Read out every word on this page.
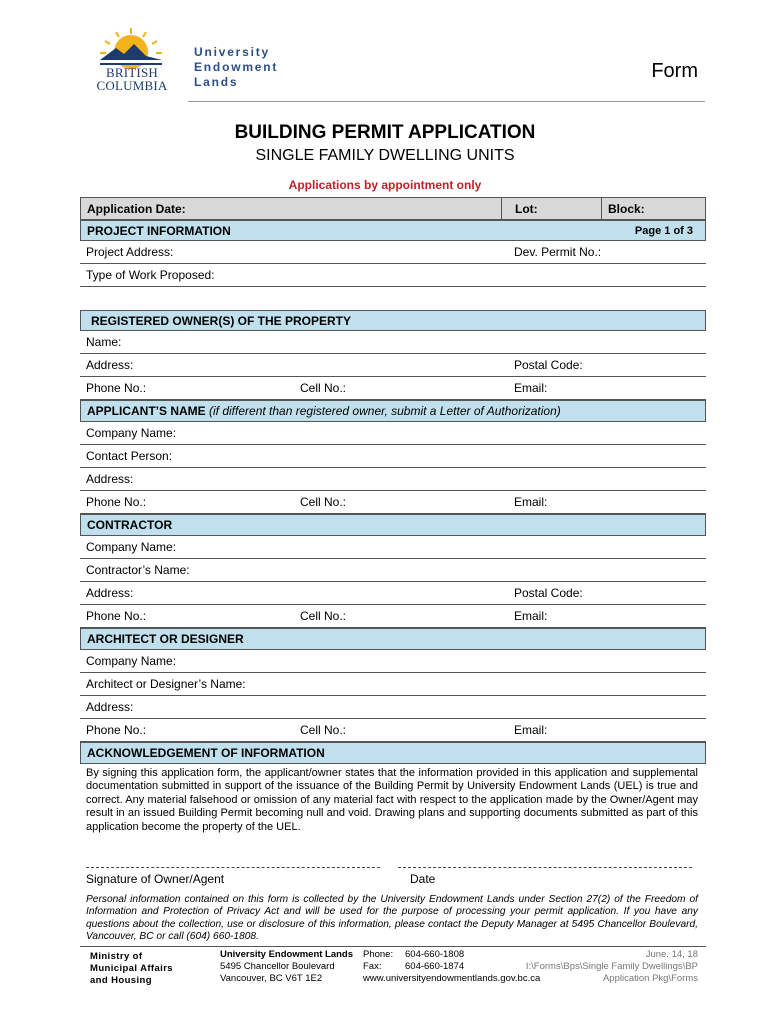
BRITISH
COLUMBIA
University
Endowment
Lands	Form
BUILDING PERMIT APPLICATION
SINGLE FAMILY DWELLING UNITS
Applications by appointment only
Application Date:	Lot:	Block:
PROJECT INFORMATION	Page 1 of 3
Project Address:	Dev. Permit No.:
Type of Work Proposed:
REGISTERED OWNER(S) OF THE PROPERTY
Name:
Address:	Postal Code:
Phone No.:	Cell No.:	Email:
APPLICANT’S NAME (if different than registered owner, submit a Letter of Authorization)
Company Name:
Contact Person:
Address:
Phone No.:	Cell No.:	Email:
CONTRACTOR
Company Name:
Contractor’s Name:
Address:	Postal Code:
Phone No.:	Cell No.:	Email:
ARCHITECT OR DESIGNER
Company Name:
Architect or Designer’s Name:
Address:
Phone No.:	Cell No.:	Email:
ACKNOWLEDGEMENT OF INFORMATION
By signing this application form, the applicant/owner states that the information provided in this application and supplemental documentation submitted in support of the issuance of the Building Permit by University Endowment Lands (UEL) is true and correct. Any material falsehood or omission of any material fact with respect to the application made by the Owner/Agent may result in an issued Building Permit becoming null and void. Drawing plans and supporting documents submitted as part of this application become the property of the UEL.
Signature of Owner/Agent	Date
Personal information contained on this form is collected by the University Endowment Lands under Section 27(2) of the Freedom of Information and Protection of Privacy Act and will be used for the purpose of processing your permit application. If you have any questions about the collection, use or disclosure of this information, please contact the Deputy Manager at 5495 Chancellor Boulevard, Vancouver, BC or call (604) 660-1808.
Ministry of
Municipal Affairs
and Housing
University Endowment Lands
5495 Chancellor Boulevard
Vancouver, BC V6T 1E2
Phone: 604-660-1808
Fax: 604-660-1874
www.universityendowmentlands.gov.bc.ca
June. 14, 18
I:\Forms\Bps\Single Family Dwellings\BP
Application Pkg\Forms
